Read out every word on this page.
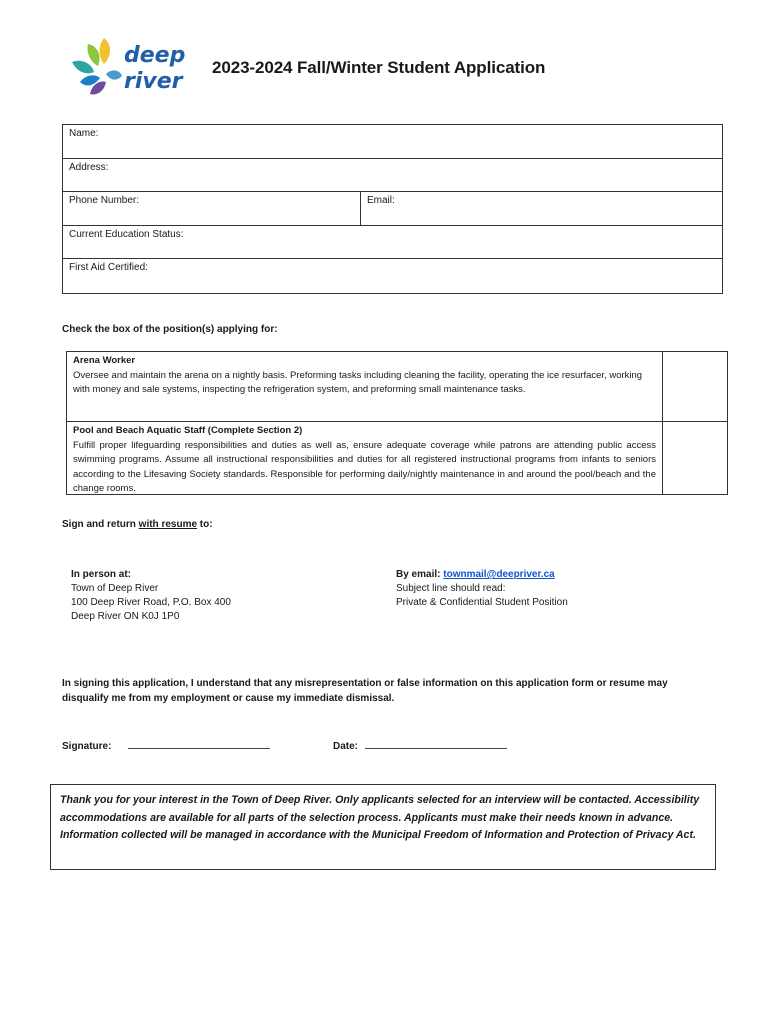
deep
river
2023-2024 Fall/Winter Student Application
Name:
Address:
Phone Number:	Email:
Current Education Status:
First Aid Certified:
Check the box of the position(s) applying for:
Arena Worker
Oversee and maintain the arena on a nightly basis. Preforming tasks including cleaning the facility, operating the ice resurfacer, working with money and sale systems, inspecting the refrigeration system, and preforming small maintenance tasks.
Pool and Beach Aquatic Staff (Complete Section 2)
Fulfill proper lifeguarding responsibilities and duties as well as, ensure adequate coverage while patrons are attending public access swimming programs. Assume all instructional responsibilities and duties for all registered instructional programs from infants to seniors according to the Lifesaving Society standards. Responsible for performing daily/nightly maintenance in and around the pool/beach and the change rooms.
Sign and return with resume to:
In person at:
Town of Deep River
100 Deep River Road, P.O. Box 400
Deep River ON K0J 1P0
By email: townmail@deepriver.ca
Subject line should read:
Private & Confidential Student Position
In signing this application, I understand that any misrepresentation or false information on this application form or resume may disqualify me from my employment or cause my immediate dismissal.
Signature:	Date:
Thank you for your interest in the Town of Deep River. Only applicants selected for an interview will be contacted. Accessibility accommodations are available for all parts of the selection process. Applicants must make their needs known in advance. Information collected will be managed in accordance with the Municipal Freedom of Information and Protection of Privacy Act.
